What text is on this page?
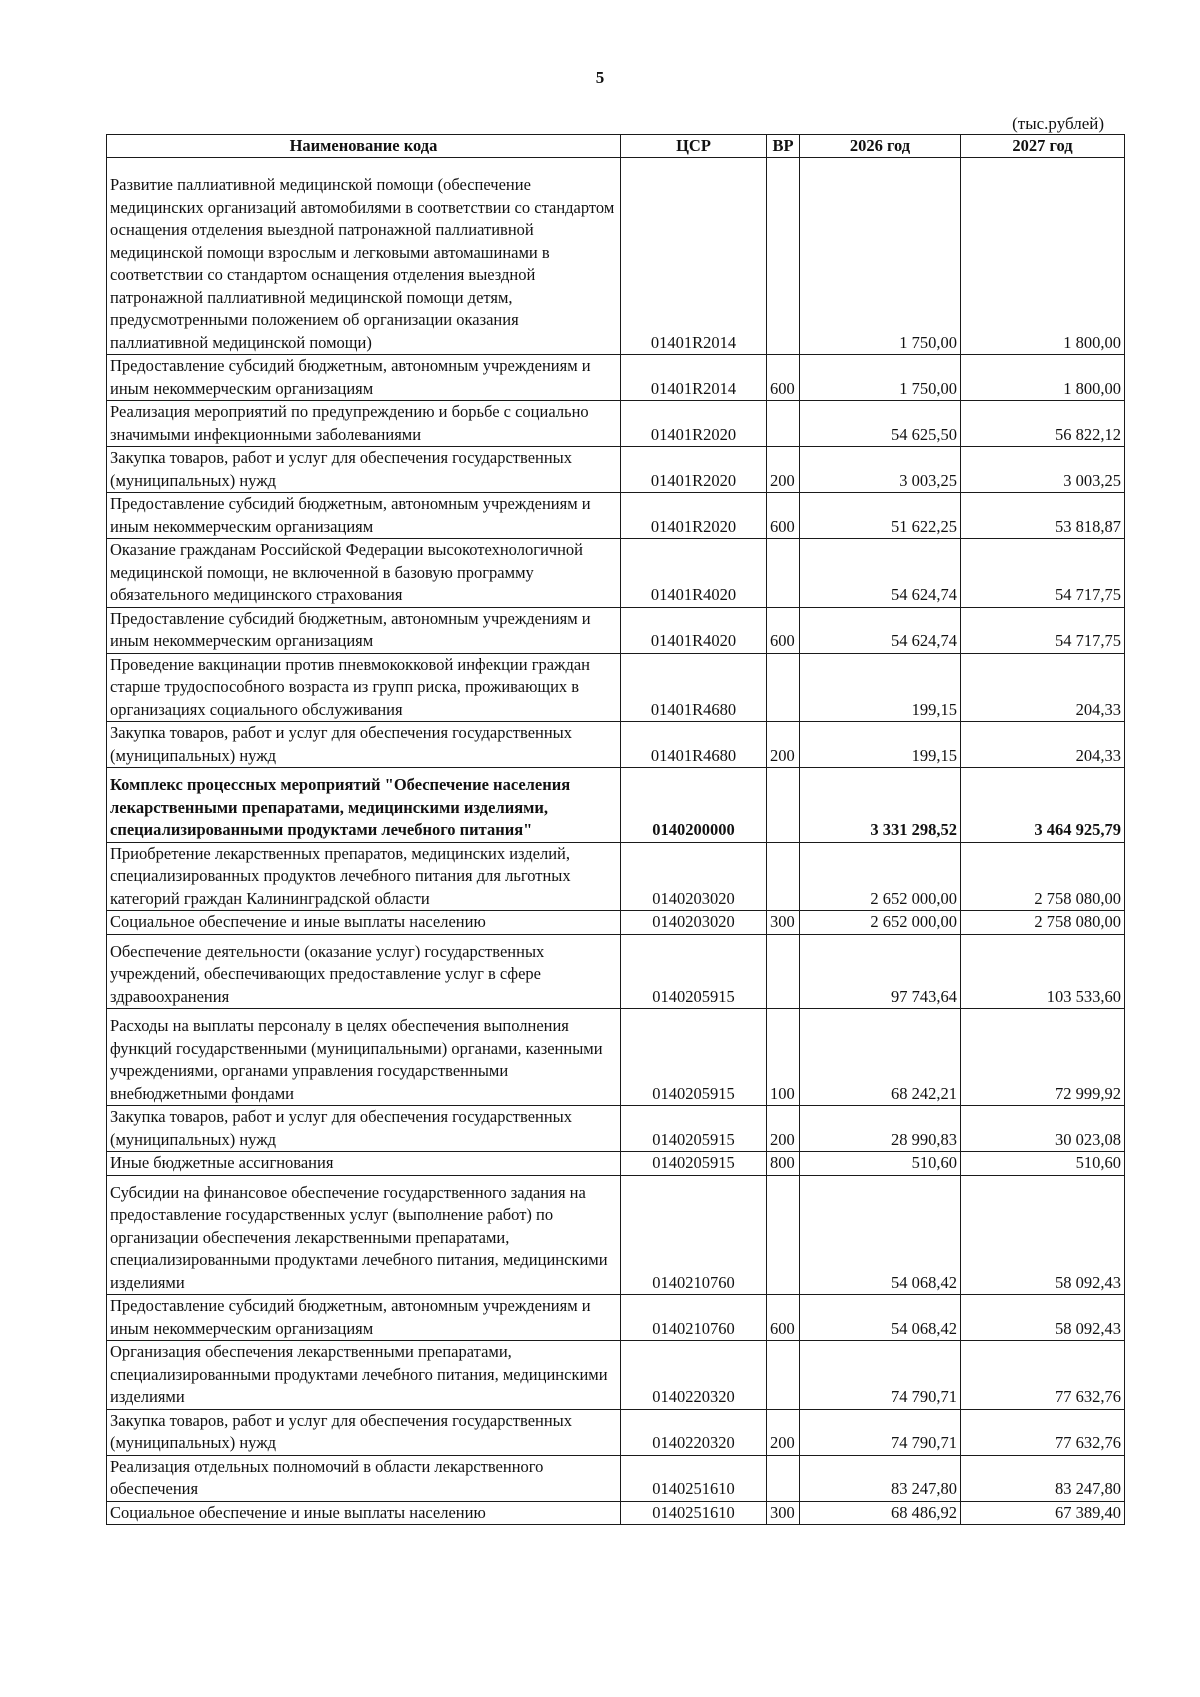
5
(тыс.рублей)
Наименование кода	ЦСР	ВР	2026 год	2027 год
Развитие паллиативной медицинской помощи (обеспечение медицинских организаций автомобилями в соответствии со стандартом оснащения отделения выездной патронажной паллиативной медицинской помощи взрослым и легковыми автомашинами в соответствии со стандартом оснащения отделения выездной патронажной паллиативной медицинской помощи детям, предусмотренными положением об организации оказания паллиативной медицинской помощи)	01401R2014		1 750,00	1 800,00
Предоставление субсидий бюджетным, автономным учреждениям и иным некоммерческим организациям	01401R2014	600	1 750,00	1 800,00
Реализация мероприятий по предупреждению и борьбе с социально значимыми инфекционными заболеваниями	01401R2020		54 625,50	56 822,12
Закупка товаров, работ и услуг для обеспечения государственных (муниципальных) нужд	01401R2020	200	3 003,25	3 003,25
Предоставление субсидий бюджетным, автономным учреждениям и иным некоммерческим организациям	01401R2020	600	51 622,25	53 818,87
Оказание гражданам Российской Федерации высокотехнологичной медицинской помощи, не включенной в базовую программу обязательного медицинского страхования	01401R4020		54 624,74	54 717,75
Предоставление субсидий бюджетным, автономным учреждениям и иным некоммерческим организациям	01401R4020	600	54 624,74	54 717,75
Проведение вакцинации против пневмококковой инфекции граждан старше трудоспособного возраста из групп риска, проживающих в организациях социального обслуживания	01401R4680		199,15	204,33
Закупка товаров, работ и услуг для обеспечения государственных (муниципальных) нужд	01401R4680	200	199,15	204,33
Комплекс процессных мероприятий "Обеспечение населения лекарственными препаратами, медицинскими изделиями, специализированными продуктами лечебного питания"	0140200000		3 331 298,52	3 464 925,79
Приобретение лекарственных препаратов, медицинских изделий, специализированных продуктов лечебного питания для льготных категорий граждан Калининградской области	0140203020		2 652 000,00	2 758 080,00
Социальное обеспечение и иные выплаты населению	0140203020	300	2 652 000,00	2 758 080,00
Обеспечение деятельности (оказание услуг) государственных учреждений, обеспечивающих предоставление услуг в сфере здравоохранения	0140205915		97 743,64	103 533,60
Расходы на выплаты персоналу в целях обеспечения выполнения функций государственными (муниципальными) органами, казенными учреждениями, органами управления государственными внебюджетными фондами	0140205915	100	68 242,21	72 999,92
Закупка товаров, работ и услуг для обеспечения государственных (муниципальных) нужд	0140205915	200	28 990,83	30 023,08
Иные бюджетные ассигнования	0140205915	800	510,60	510,60
Субсидии на финансовое обеспечение государственного задания на предоставление государственных услуг (выполнение работ) по организации обеспечения лекарственными препаратами, специализированными продуктами лечебного питания, медицинскими изделиями	0140210760		54 068,42	58 092,43
Предоставление субсидий бюджетным, автономным учреждениям и иным некоммерческим организациям	0140210760	600	54 068,42	58 092,43
Организация обеспечения лекарственными препаратами, специализированными продуктами лечебного питания, медицинскими изделиями	0140220320		74 790,71	77 632,76
Закупка товаров, работ и услуг для обеспечения государственных (муниципальных) нужд	0140220320	200	74 790,71	77 632,76
Реализация отдельных полномочий в области лекарственного обеспечения	0140251610		83 247,80	83 247,80
Социальное обеспечение и иные выплаты населению	0140251610	300	68 486,92	67 389,40
